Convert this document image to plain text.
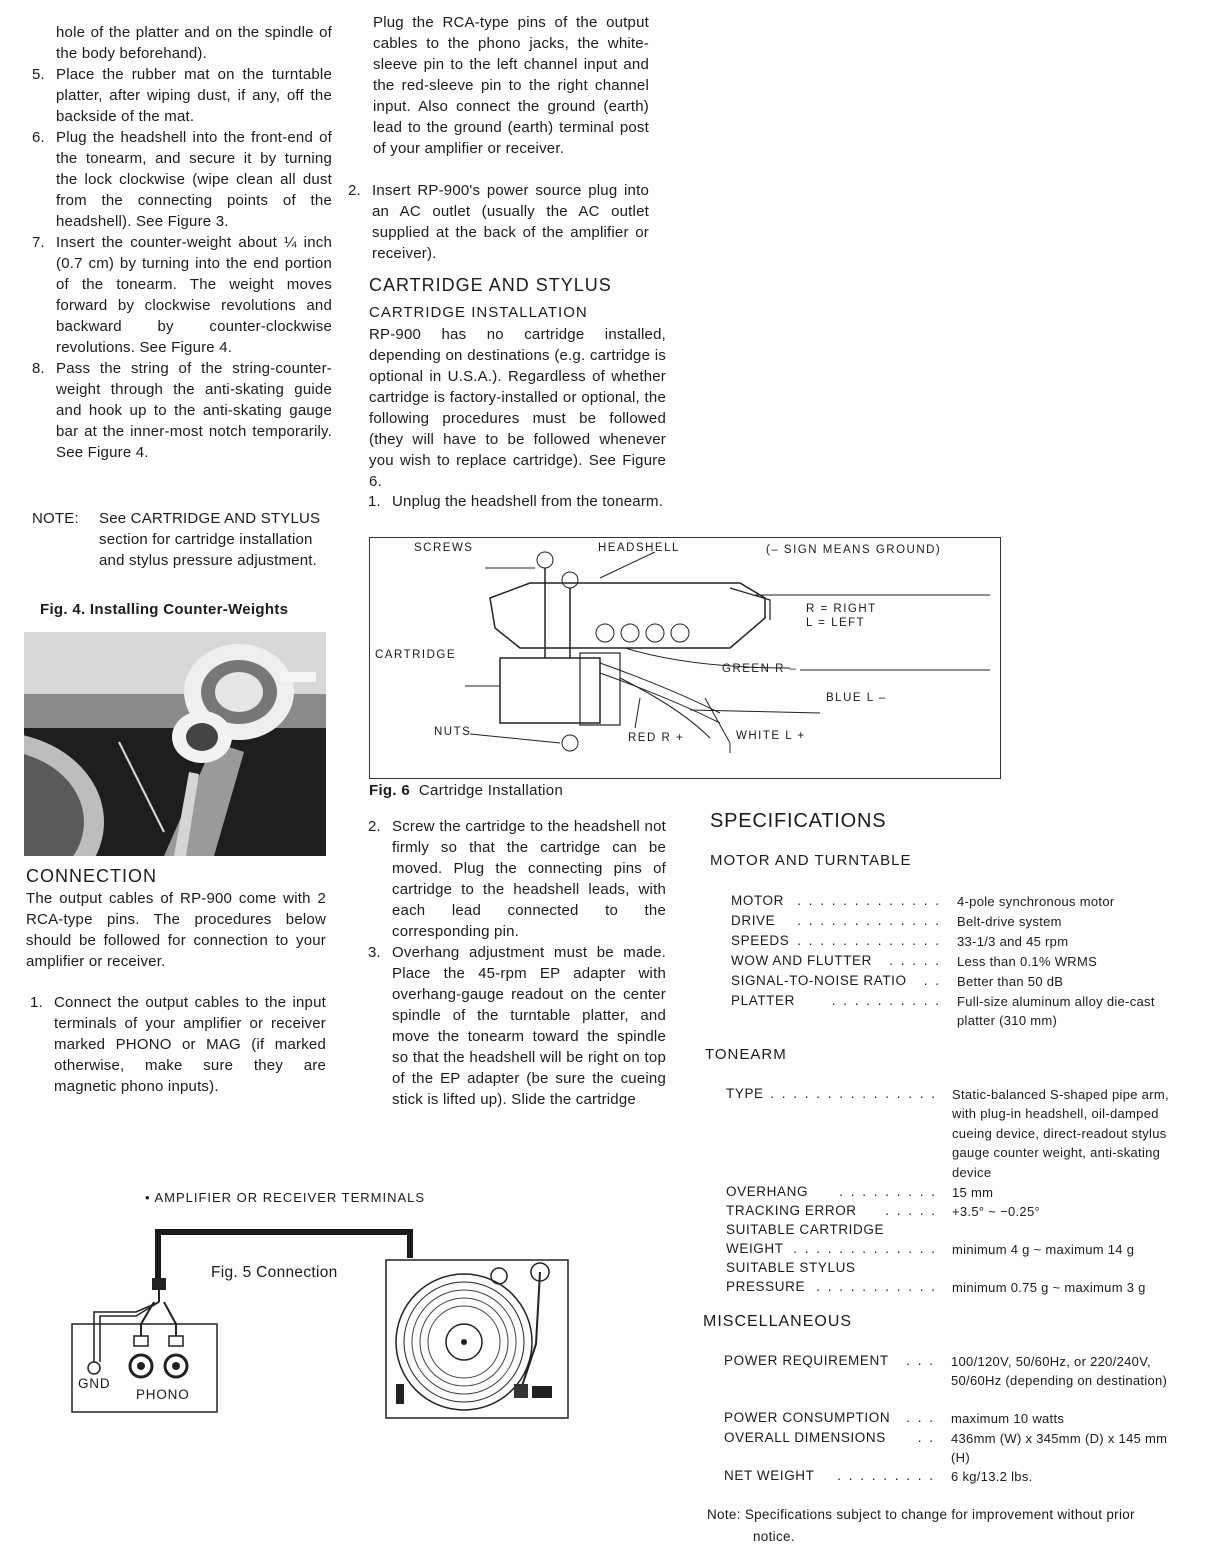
hole of the platter and on the spindle of the body beforehand).
5. Place the rubber mat on the turntable platter, after wiping dust, if any, off the backside of the mat.
6. Plug the headshell into the front-end of the tonearm, and secure it by turning the lock clockwise (wipe clean all dust from the connecting points of the headshell). See Figure 3.
7. Insert the counter-weight about ¼ inch (0.7 cm) by turning into the end portion of the tonearm. The weight moves forward by clockwise revolutions and backward by counter-clockwise revolutions. See Figure 4.
8. Pass the string of the string-counter-weight through the anti-skating guide and hook up to the anti-skating gauge bar at the inner-most notch temporarily. See Figure 4.
NOTE: See CARTRIDGE AND STYLUS section for cartridge installation and stylus pressure adjustment.
Fig. 4. Installing Counter-Weights
CONNECTION
The output cables of RP-900 come with 2 RCA-type pins. The procedures below should be followed for connection to your amplifier or receiver.
1. Connect the output cables to the input terminals of your amplifier or receiver marked PHONO or MAG (if marked otherwise, make sure they are magnetic phono inputs).
Plug the RCA-type pins of the output cables to the phono jacks, the white-sleeve pin to the left channel input and the red-sleeve pin to the right channel input. Also connect the ground (earth) lead to the ground (earth) terminal post of your amplifier or receiver.
2. Insert RP-900's power source plug into an AC outlet (usually the AC outlet supplied at the back of the amplifier or receiver).
CARTRIDGE AND STYLUS
CARTRIDGE INSTALLATION
RP-900 has no cartridge installed, depending on destinations (e.g. cartridge is optional in U.S.A.). Regardless of whether cartridge is factory-installed or optional, the following procedures must be followed (they will have to be followed whenever you wish to replace cartridge). See Figure 6.
1. Unplug the headshell from the tonearm.
SCREWS	HEADSHELL	(– SIGN MEANS GROUND)
R = RIGHT
L = LEFT
CARTRIDGE
GREEN R –
BLUE L –
NUTS	RED R +	WHITE L +
Fig. 6 Cartridge Installation
2. Screw the cartridge to the headshell not firmly so that the cartridge can be moved. Plug the connecting pins of cartridge to the headshell leads, with each lead connected to the corresponding pin.
3. Overhang adjustment must be made. Place the 45-rpm EP adapter with overhang-gauge readout on the center spindle of the turntable platter, and move the tonearm toward the spindle so that the headshell will be right on top of the EP adapter (be sure the cueing stick is lifted up). Slide the cartridge
• AMPLIFIER OR RECEIVER TERMINALS
Fig. 5 Connection
GND
PHONO
SPECIFICATIONS
MOTOR AND TURNTABLE
MOTOR . . . . . . . . . . . . . 4-pole synchronous motor
DRIVE . . . . . . . . . . . . . Belt-drive system
SPEEDS . . . . . . . . . . . . . 33-1/3 and 45 rpm
WOW AND FLUTTER . . . . . Less than 0.1% WRMS
SIGNAL-TO-NOISE RATIO . . Better than 50 dB
PLATTER	. . . . . . . . . . Full-size aluminum alloy die-cast platter (310 mm)
TONEARM
TYPE . . . . . . . . . . . . . . . Static-balanced S-shaped pipe arm, with plug-in headshell, oil-damped cueing device, direct-readout stylus gauge counter weight, anti-skating device
OVERHANG . . . . . . . . . 15 mm
TRACKING ERROR . . . . . +3.5° ~ −0.25°
SUITABLE CARTRIDGE
WEIGHT . . . . . . . . . . . . . minimum 4 g ~ maximum 14 g
SUITABLE STYLUS
PRESSURE . . . . . . . . . . . minimum 0.75 g ~ maximum 3 g
MISCELLANEOUS
POWER REQUIREMENT . . . 100/120V, 50/60Hz, or 220/240V, 50/60Hz (depending on destination)
POWER CONSUMPTION . . . maximum 10 watts
OVERALL DIMENSIONS . . 436mm (W) x 345mm (D) x 145 mm (H)
NET WEIGHT . . . . . . . . . 6 kg/13.2 lbs.
Note: Specifications subject to change for improvement without prior notice.
